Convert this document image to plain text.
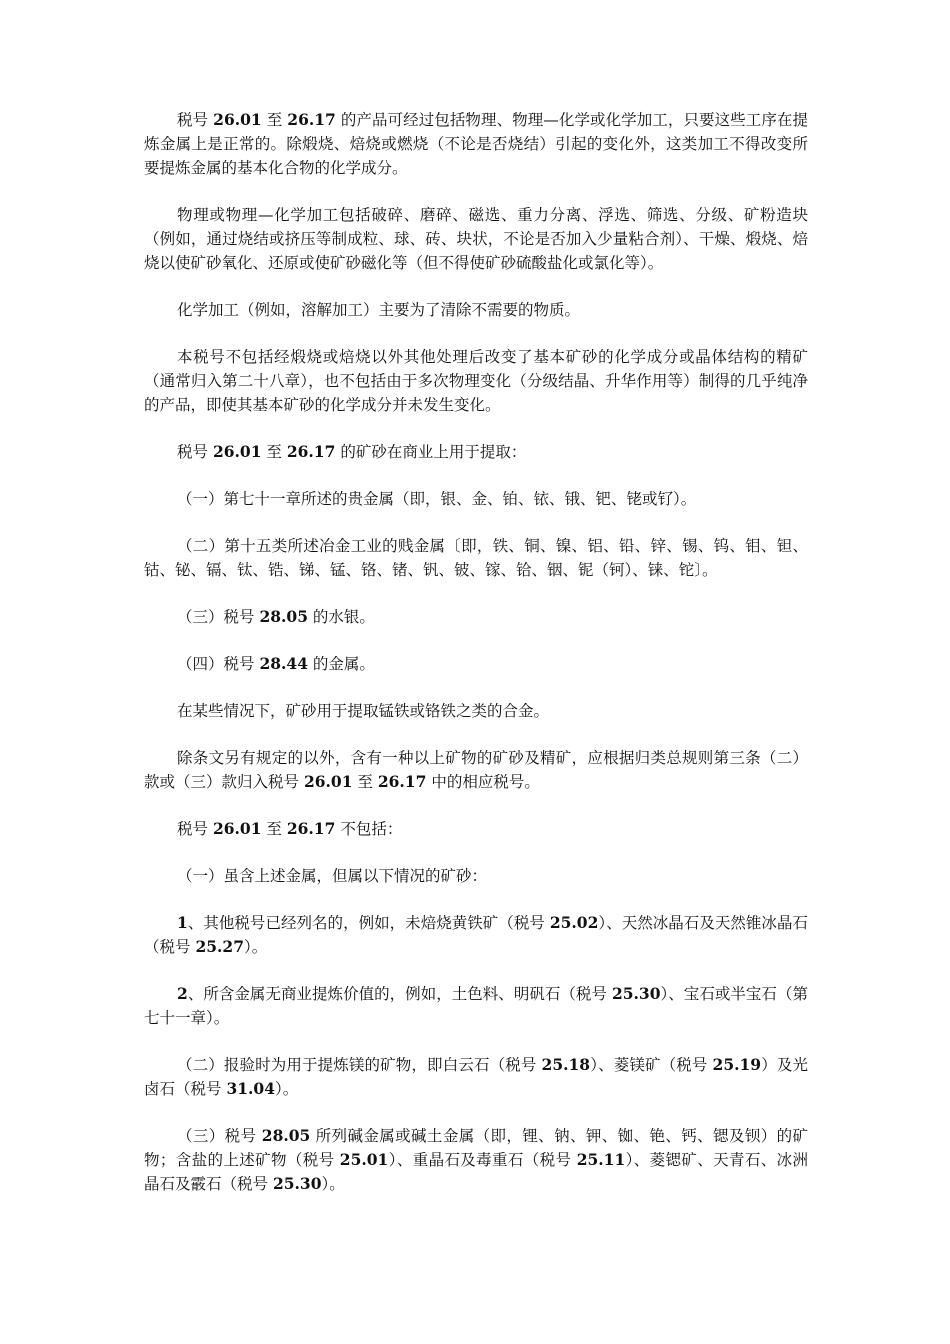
税号 26.01 至 26.17 的产品可经过包括物理、物理—化学或化学加工，只要这些工序在提炼金属上是正常的。除煅烧、焙烧或燃烧（不论是否烧结）引起的变化外，这类加工不得改变所要提炼金属的基本化合物的化学成分。

物理或物理—化学加工包括破碎、磨碎、磁选、重力分离、浮选、筛选、分级、矿粉造块（例如，通过烧结或挤压等制成粒、球、砖、块状，不论是否加入少量粘合剂）、干燥、煅烧、焙烧以使矿砂氧化、还原或使矿砂磁化等（但不得使矿砂硫酸盐化或氯化等）。

化学加工（例如，溶解加工）主要为了清除不需要的物质。

本税号不包括经煅烧或焙烧以外其他处理后改变了基本矿砂的化学成分或晶体结构的精矿（通常归入第二十八章），也不包括由于多次物理变化（分级结晶、升华作用等）制得的几乎纯净的产品，即使其基本矿砂的化学成分并未发生变化。

税号 26.01 至 26.17 的矿砂在商业上用于提取：

（一）第七十一章所述的贵金属（即，银、金、铂、铱、锇、钯、铑或钌）。

（二）第十五类所述冶金工业的贱金属〔即，铁、铜、镍、铝、铅、锌、锡、钨、钼、钽、钴、铋、镉、钛、锆、锑、锰、铬、锗、钒、铍、镓、铪、铟、铌（钶）、铼、铊〕。

（三）税号 28.05 的水银。

（四）税号 28.44 的金属。

在某些情况下，矿砂用于提取锰铁或铬铁之类的合金。

除条文另有规定的以外，含有一种以上矿物的矿砂及精矿，应根据归类总规则第三条（二）款或（三）款归入税号 26.01 至 26.17 中的相应税号。

税号 26.01 至 26.17 不包括：

（一）虽含上述金属，但属以下情况的矿砂：

1、其他税号已经列名的，例如，未焙烧黄铁矿（税号 25.02）、天然冰晶石及天然锥冰晶石（税号 25.27）。

2、所含金属无商业提炼价值的，例如，土色料、明矾石（税号 25.30）、宝石或半宝石（第七十一章）。

（二）报验时为用于提炼镁的矿物，即白云石（税号 25.18）、菱镁矿（税号 25.19）及光卤石（税号 31.04）。

（三）税号 28.05 所列碱金属或碱土金属（即，锂、钠、钾、铷、铯、钙、锶及钡）的矿物；含盐的上述矿物（税号 25.01）、重晶石及毒重石（税号 25.11）、菱锶矿、天青石、冰洲晶石及霰石（税号 25.30）。
